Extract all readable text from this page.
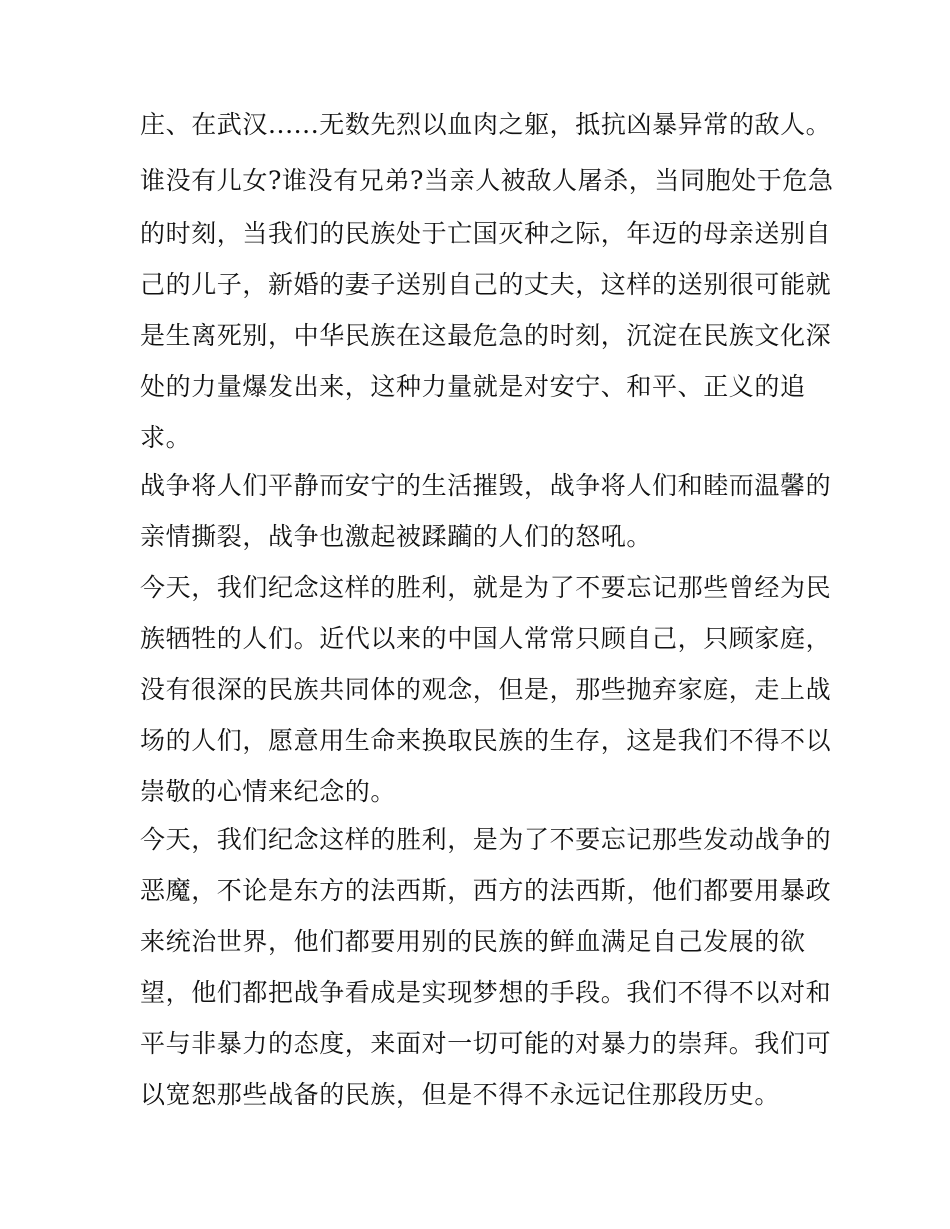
庄、在武汉......无数先烈以血肉之躯，抵抗凶暴异常的敌人。
谁没有儿女?谁没有兄弟?当亲人被敌人屠杀，当同胞处于危急
的时刻，当我们的民族处于亡国灭种之际，年迈的母亲送别自
己的儿子，新婚的妻子送别自己的丈夫，这样的送别很可能就
是生离死别，中华民族在这最危急的时刻，沉淀在民族文化深
处的力量爆发出来，这种力量就是对安宁、和平、正义的追
求。
战争将人们平静而安宁的生活摧毁，战争将人们和睦而温馨的
亲情撕裂，战争也激起被蹂躏的人们的怒吼。
今天，我们纪念这样的胜利，就是为了不要忘记那些曾经为民
族牺牲的人们。近代以来的中国人常常只顾自己，只顾家庭，
没有很深的民族共同体的观念，但是，那些抛弃家庭，走上战
场的人们，愿意用生命来换取民族的生存，这是我们不得不以
崇敬的心情来纪念的。
今天，我们纪念这样的胜利，是为了不要忘记那些发动战争的
恶魔，不论是东方的法西斯，西方的法西斯，他们都要用暴政
来统治世界，他们都要用别的民族的鲜血满足自己发展的欲
望，他们都把战争看成是实现梦想的手段。我们不得不以对和
平与非暴力的态度，来面对一切可能的对暴力的崇拜。我们可
以宽恕那些战备的民族，但是不得不永远记住那段历史。
